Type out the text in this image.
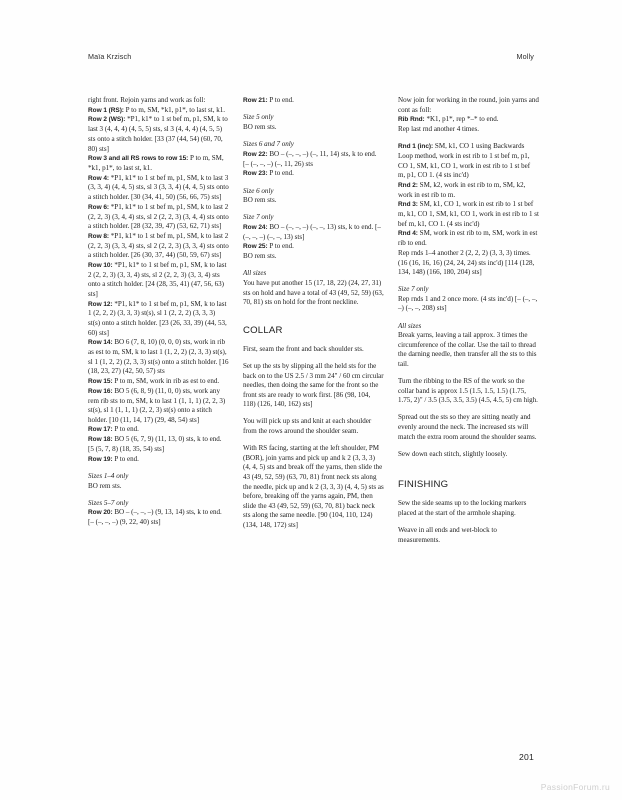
Maïa Krzisch	Molly

right front. Rejoin yarns and work as foll:

Row 1 (RS): P to m, SM, *k1, p1*, to last st, k1.

Row 2 (WS): *P1, k1* to 1 st bef m, p1, SM, k to last 3 (4, 4, 4) (4, 5, 5) sts, sl 3 (4, 4, 4) (4, 5, 5) sts onto a stitch holder. [33 (37 (44, 54) (60, 70, 80) sts]

Row 3 and all RS rows to row 15: P to m, SM, *k1, p1*, to last st, k1.

Row 4: *P1, k1* to 1 st bef m, p1, SM, k to last 3 (3, 3, 4) (4, 4, 5) sts, sl 3 (3, 3, 4) (4, 4, 5) sts onto a stitch holder. [30 (34, 41, 50) (56, 66, 75) sts]

Row 6: *P1, k1* to 1 st bef m, p1, SM, k to last 2 (2, 2, 3) (3, 4, 4) sts, sl 2 (2, 2, 3) (3, 4, 4) sts onto a stitch holder. [28 (32, 39, 47) (53, 62, 71) sts]

Row 8: *P1, k1* to 1 st bef m, p1, SM, k to last 2 (2, 2, 3) (3, 3, 4) sts, sl 2 (2, 2, 3) (3, 3, 4) sts onto a stitch holder. [26 (30, 37, 44) (50, 59, 67) sts]

Row 10: *P1, k1* to 1 st bef m, p1, SM, k to last 2 (2, 2, 3) (3, 3, 4) sts, sl 2 (2, 2, 3) (3, 3, 4) sts onto a stitch holder. [24 (28, 35, 41) (47, 56, 63) sts]

Row 12: *P1, k1* to 1 st bef m, p1, SM, k to last 1 (2, 2, 2) (3, 3, 3) st(s), sl 1 (2, 2, 2) (3, 3, 3) st(s) onto a stitch holder. [23 (26, 33, 39) (44, 53, 60) sts]

Row 14: BO 6 (7, 8, 10) (0, 0, 0) sts, work in rib as est to m, SM, k to last 1 (1, 2, 2) (2, 3, 3) st(s), sl 1 (1, 2, 2) (2, 3, 3) st(s) onto a stitch holder. [16 (18, 23, 27) (42, 50, 57) sts

Row 15: P to m, SM, work in rib as est to end.

Row 16: BO 5 (6, 8, 9) (11, 0, 0) sts, work any rem rib sts to m, SM, k to last 1 (1, 1, 1) (2, 2, 3) st(s), sl 1 (1, 1, 1) (2, 2, 3) st(s) onto a stitch holder. [10 (11, 14, 17) (29, 48, 54) sts]

Row 17: P to end.

Row 18: BO 5 (6, 7, 9) (11, 13, 0) sts, k to end. [5 (5, 7, 8) (18, 35, 54) sts]

Row 19: P to end.

Sizes 1–4 only

BO rem sts.

Sizes 5–7 only

Row 20: BO – (–, –, –) (9, 13, 14) sts, k to end. [– (–, –, –) (9, 22, 40) sts]

Row 21: P to end.

Size 5 only

BO rem sts.

Sizes 6 and 7 only

Row 22: BO – (–, –, –) (–, 11, 14) sts, k to end. [– (–, –, –) (–, 11, 26) sts

Row 23: P to end.

Size 6 only

BO rem sts.

Size 7 only

Row 24: BO – (–, –, –) (–, –, 13) sts, k to end. [– (–, –, –) (–, –, 13) sts]

Row 25: P to end.

BO rem sts.

All sizes

You have put another 15 (17, 18, 22) (24, 27, 31) sts on hold and have a total of 43 (49, 52, 59) (63, 70, 81) sts on hold for the front neckline.

COLLAR

First, seam the front and back shoulder sts.

Set up the sts by slipping all the held sts for the back on to the US 2.5 / 3 mm 24" / 60 cm circular needles, then doing the same for the front so the front sts are ready to work first. [86 (98, 104, 118) (126, 140, 162) sts]

You will pick up sts and knit at each shoulder from the rows around the shoulder seam.

With RS facing, starting at the left shoulder, PM (BOR), join yarns and pick up and k 2 (3, 3, 3) (4, 4, 5) sts and break off the yarns, then slide the 43 (49, 52, 59) (63, 70, 81) front neck sts along the needle, pick up and k 2 (3, 3, 3) (4, 4, 5) sts as before, breaking off the yarns again, PM, then slide the 43 (49, 52, 59) (63, 70, 81) back neck sts along the same needle. [90 (104, 110, 124) (134, 148, 172) sts]

Now join for working in the round, join yarns and cont as foll:

Rib Rnd: *K1, p1*, rep *–* to end.

Rep last rnd another 4 times.

Rnd 1 (inc): SM, k1, CO 1 using Backwards Loop method, work in est rib to 1 st bef m, p1, CO 1, SM, k1, CO 1, work in est rib to 1 st bef m, p1, CO 1. (4 sts inc'd)

Rnd 2: SM, k2, work in est rib to m, SM, k2, work in est rib to m.

Rnd 3: SM, k1, CO 1, work in est rib to 1 st bef m, k1, CO 1, SM, k1, CO 1, work in est rib to 1 st bef m, k1, CO 1. (4 sts inc'd)

Rnd 4: SM, work in est rib to m, SM, work in est rib to end.

Rep rnds 1–4 another 2 (2, 2, 2) (3, 3, 3) times. (16 (16, 16, 16) (24, 24, 24) sts inc'd) [114 (128, 134, 148) (166, 180, 204) sts]

Size 7 only

Rep rnds 1 and 2 once more. (4 sts inc'd) [– (–, –, –) (–, –, 208) sts]

All sizes

Break yarns, leaving a tail approx. 3 times the circumference of the collar. Use the tail to thread the darning needle, then transfer all the sts to this tail.

Turn the ribbing to the RS of the work so the collar band is approx 1.5 (1.5, 1.5, 1.5) (1.75, 1.75, 2)" / 3.5 (3.5, 3.5, 3.5) (4.5, 4.5, 5) cm high.

Spread out the sts so they are sitting neatly and evenly around the neck. The increased sts will match the extra room around the shoulder seams.

Sew down each stitch, slightly loosely.

FINISHING

Sew the side seams up to the locking markers placed at the start of the armhole shaping.

Weave in all ends and wet-block to measurements.

201
PassionForum.ru
